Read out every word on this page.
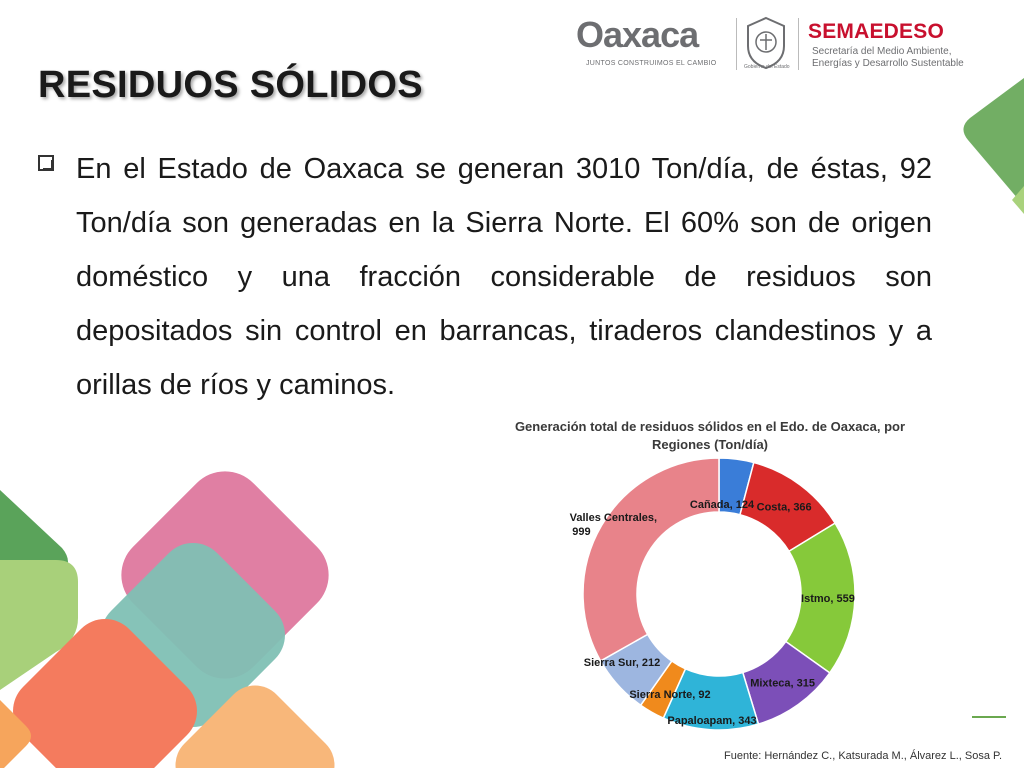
Oaxaca
JUNTOS CONSTRUIMOS EL CAMBIO	Gobierno del Estado
SEMAEDESO
Secretaría del Medio Ambiente,
Energías y Desarrollo Sustentable
RESIDUOS SÓLIDOS

En el Estado de Oaxaca se generan 3010 Ton/día, de éstas, 92 Ton/día son generadas en la Sierra Norte. El 60% son de origen doméstico y una fracción considerable de residuos son depositados sin control en barrancas, tiraderos clandestinos y a orillas de ríos y caminos.

Generación total de residuos sólidos en el Edo. de Oaxaca, por
Regiones (Ton/día)
Cañada, 124 Costa, 366
Istmo, 559
Mixteca, 315
Papaloapam, 343
Sierra Norte, 92
Sierra Sur, 212
Valles Centrales,
999
Fuente: Hernández C., Katsurada M., Álvarez L., Sosa P.
